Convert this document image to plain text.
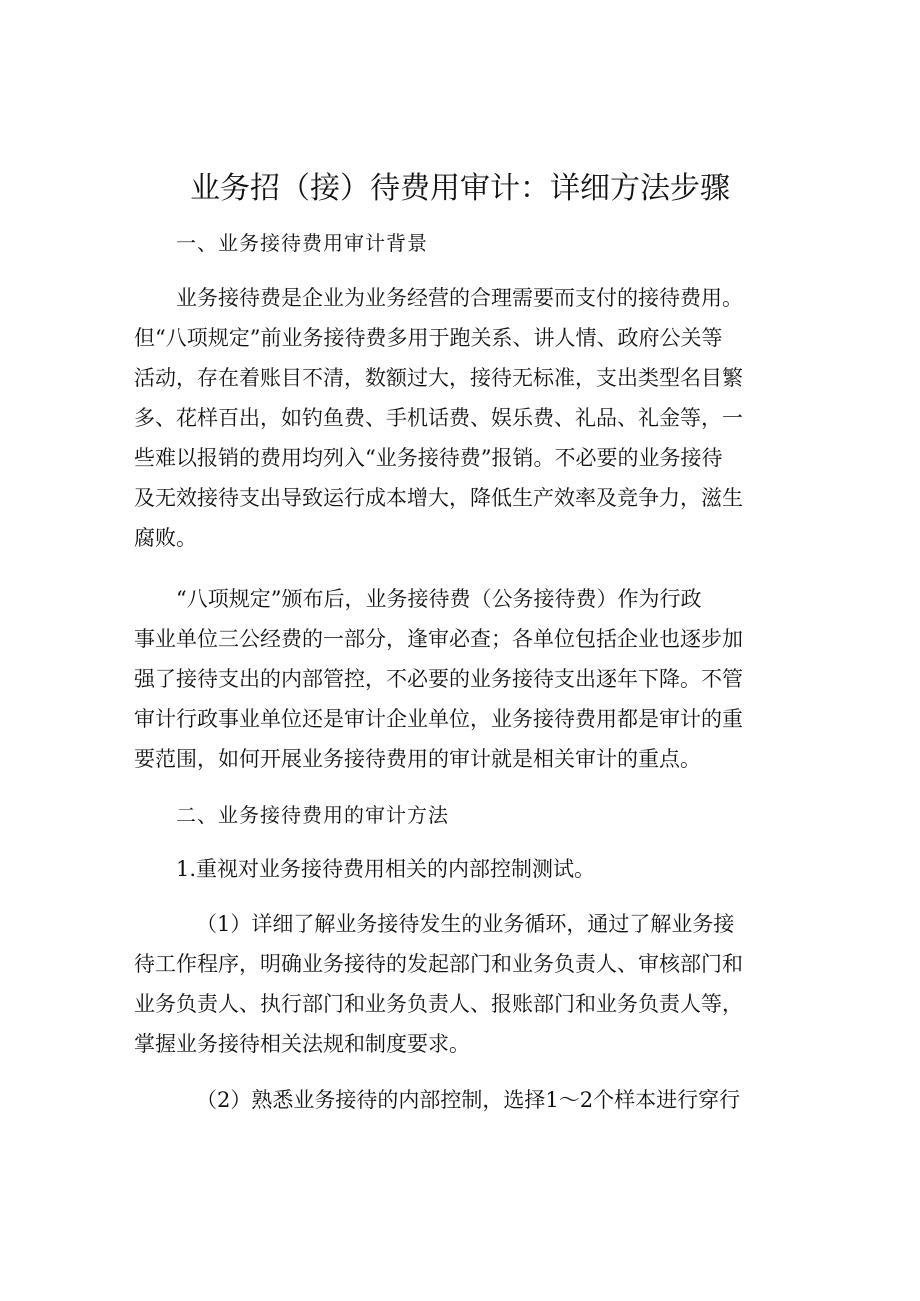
业务招（接）待费用审计：详细方法步骤

一、业务接待费用审计背景

业务接待费是企业为业务经营的合理需要而支付的接待费用。

但“八项规定”前业务接待费多用于跑关系、讲人情、政府公关等

活动，存在着账目不清，数额过大，接待无标准，支出类型名目繁

多、花样百出，如钓鱼费、手机话费、娱乐费、礼品、礼金等，一

些难以报销的费用均列入“业务接待费”报销。不必要的业务接待

及无效接待支出导致运行成本增大，降低生产效率及竞争力，滋生

腐败。

“八项规定”颁布后，业务接待费（公务接待费）作为行政

事业单位三公经费的一部分，逢审必查；各单位包括企业也逐步加

强了接待支出的内部管控，不必要的业务接待支出逐年下降。不管

审计行政事业单位还是审计企业单位，业务接待费用都是审计的重

要范围，如何开展业务接待费用的审计就是相关审计的重点。

二、业务接待费用的审计方法

1.重视对业务接待费用相关的内部控制测试。

（1）详细了解业务接待发生的业务循环，通过了解业务接

待工作程序，明确业务接待的发起部门和业务负责人、审核部门和

业务负责人、执行部门和业务负责人、报账部门和业务负责人等，

掌握业务接待相关法规和制度要求。

（2）熟悉业务接待的内部控制，选择1～2个样本进行穿行
